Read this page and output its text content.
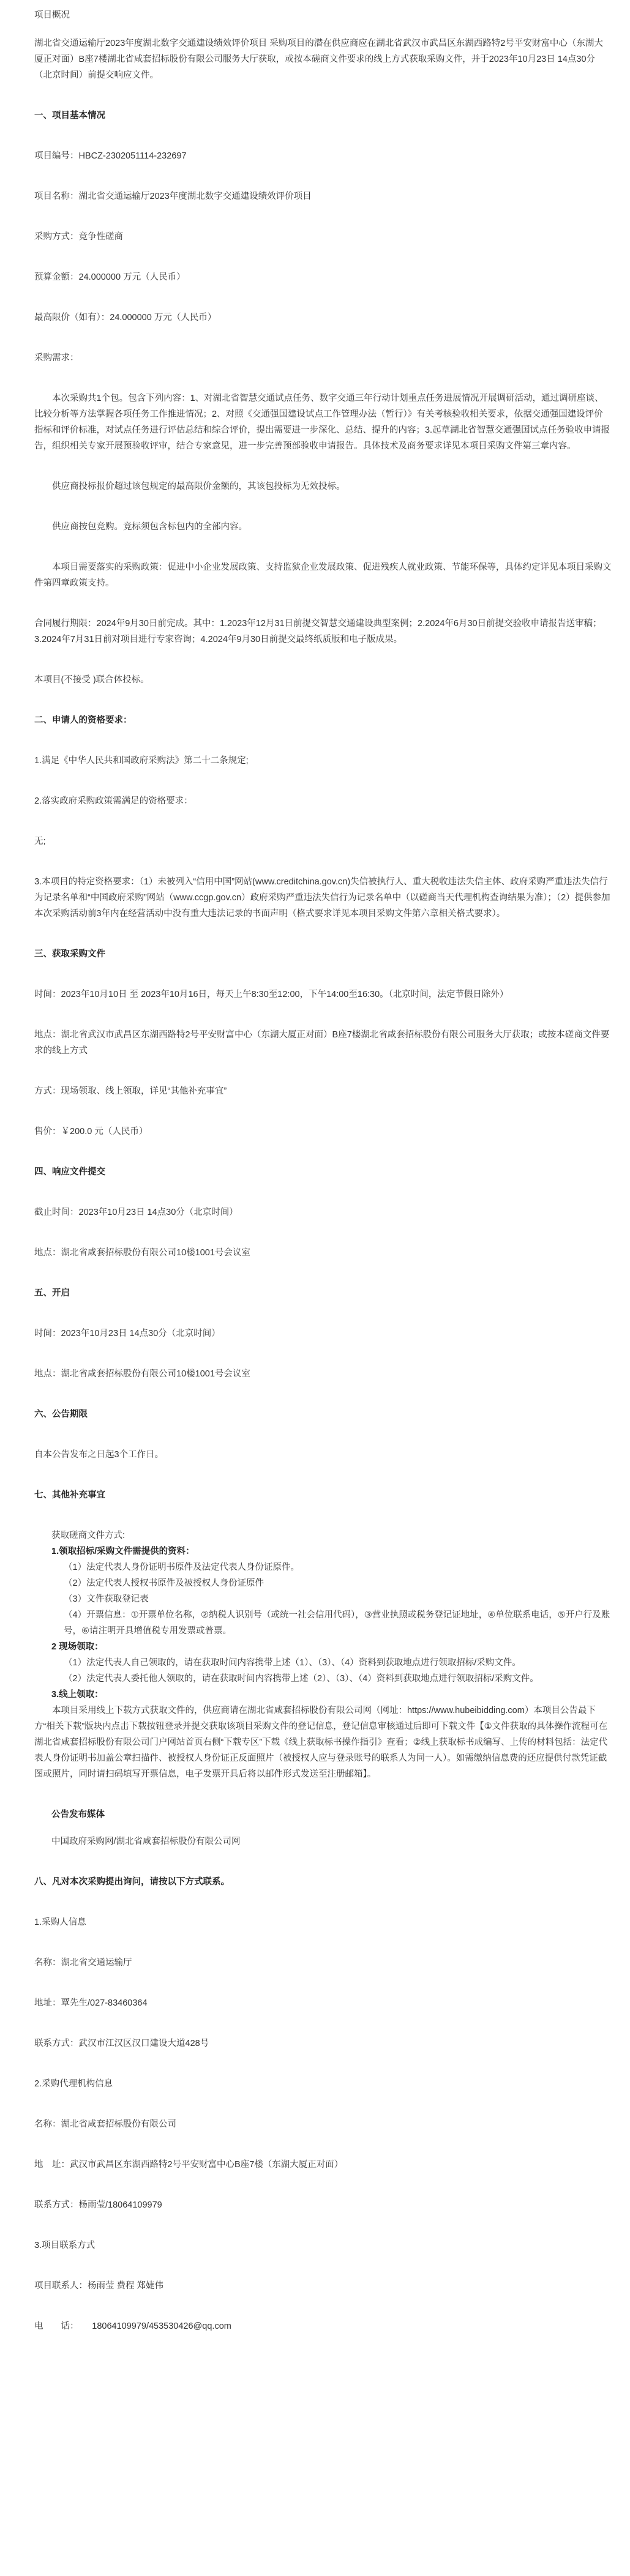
项目概况

湖北省交通运输厅2023年度湖北数字交通建设绩效评价项目 采购项目的潜在供应商应在湖北省武汉市武昌区东湖西路特2号平安财富中心（东湖大厦正对面）B座7楼湖北省咸套招标股份有限公司服务大厅获取，或按本磋商文件要求的线上方式获取采购文件，并于2023年10月23日 14点30分（北京时间）前提交响应文件。

一、项目基本情况

项目编号：HBCZ-2302051114-232697

项目名称：湖北省交通运输厅2023年度湖北数字交通建设绩效评价项目

采购方式：竞争性磋商

预算金额：24.000000 万元（人民币）

最高限价（如有）：24.000000 万元（人民币）

采购需求：

本次采购共1个包。包含下列内容：1、对湖北省智慧交通试点任务、数字交通三年行动计划重点任务进展情况开展调研活动，通过调研座谈、比较分析等方法掌握各项任务工作推进情况；2、对照《交通强国建设试点工作管理办法（暂行）》有关考核验收相关要求，依据交通强国建设评价指标和评价标准，对试点任务进行评估总结和综合评价，提出需要进一步深化、总结、提升的内容；3.起草湖北省智慧交通强国试点任务验收申请报告，组织相关专家开展预验收评审，结合专家意见，进一步完善预部验收申请报告。具体技术及商务要求详见本项目采购文件第三章内容。

供应商投标报价超过该包规定的最高限价金额的，其该包投标为无效投标。

供应商按包竞购。竞标须包含标包内的全部内容。

本项目需要落实的采购政策：促进中小企业发展政策、支持监狱企业发展政策、促进残疾人就业政策、节能环保等，具体约定详见本项目采购文件第四章政策支持。

合同履行期限：2024年9月30日前完成。其中：1.2023年12月31日前提交智慧交通建设典型案例；2.2024年6月30日前提交验收申请报告送审稿；3.2024年7月31日前对项目进行专家咨询；4.2024年9月30日前提交最终纸质版和电子版成果。

本项目(不接受 )联合体投标。

二、申请人的资格要求：

1.满足《中华人民共和国政府采购法》第二十二条规定;

2.落实政府采购政策需满足的资格要求：

无;

3.本项目的特定资格要求：（1）未被列入“信用中国”网站(www.creditchina.gov.cn)失信被执行人、重大税收违法失信主体、政府采购严重违法失信行为记录名单和“中国政府采购”网站（www.ccgp.gov.cn）政府采购严重违法失信行为记录名单中（以磋商当天代理机构查询结果为准）；（2）提供参加本次采购活动前3年内在经营活动中没有重大违法记录的书面声明（格式要求详见本项目采购文件第六章相关格式要求）。

三、获取采购文件

时间：2023年10月10日 至 2023年10月16日，每天上午8:30至12:00，下午14:00至16:30。（北京时间，法定节假日除外）

地点：湖北省武汉市武昌区东湖西路特2号平安财富中心（东湖大厦正对面）B座7楼湖北省咸套招标股份有限公司服务大厅获取；或按本磋商文件要求的线上方式

方式：现场领取、线上领取，详见“其他补充事宜”

售价：￥200.0 元（人民币）

四、响应文件提交

截止时间：2023年10月23日 14点30分（北京时间）

地点：湖北省咸套招标股份有限公司10楼1001号会议室

五、开启

时间：2023年10月23日 14点30分（北京时间）

地点：湖北省咸套招标股份有限公司10楼1001号会议室

六、公告期限

自本公告发布之日起3个工作日。

七、其他补充事宜

获取磋商文件方式:

1.领取招标/采购文件需提供的资料：

（1）法定代表人身份证明书原件及法定代表人身份证原件。

（2）法定代表人授权书原件及被授权人身份证原件

（3）文件获取登记表

（4）开票信息：①开票单位名称，②纳税人识别号（或统一社会信用代码），③营业执照或税务登记证地址，④单位联系电话，⑤开户行及账号，⑥请注明开具增值税专用发票或普票。

2 现场领取：

（1）法定代表人自己领取的，请在获取时间内容携带上述（1）、（3）、（4）资料到获取地点进行领取招标/采购文件。

（2）法定代表人委托他人领取的，请在获取时间内容携带上述（2）、（3）、（4）资料到获取地点进行领取招标/采购文件。

3.线上领取：

本项目采用线上下载方式获取文件的，供应商请在湖北省咸套招标股份有限公司网（网址：https://www.hubeibidding.com）本项目公告最下方“相关下载”版块内点击下载按钮登录并提交获取该项目采购文件的登记信息，登记信息审核通过后即可下载文件【①文件获取的具体操作流程可在湖北省咸套招标股份有限公司门户网站首页右侧“下载专区”下载《线上获取标书操作指引》查看；②线上获取标书成编写、上传的材料包括：法定代表人身份证明书加盖公章扫描件、被授权人身份证正反面照片（被授权人应与登录账号的联系人为同一人）。如需缴纳信息费的还应提供付款凭证截图或照片，同时请扫码填写开票信息，电子发票开具后将以邮件形式发送至注册邮箱】。

公告发布媒体

中国政府采购网/湖北省咸套招标股份有限公司网

八、凡对本次采购提出询问，请按以下方式联系。

1.采购人信息

名称：湖北省交通运输厅

地址：覃先生/027-83460364

联系方式：武汉市江汉区汉口建设大道428号

2.采购代理机构信息

名称：湖北省咸套招标股份有限公司

地　址：武汉市武昌区东湖西路特2号平安财富中心B座7楼（东湖大厦正对面）

联系方式：杨雨莹/18064109979

3.项目联系方式

项目联系人：杨雨莹 费程 郑婕伟

电　　话：　　18064109979/453530426@qq.com
